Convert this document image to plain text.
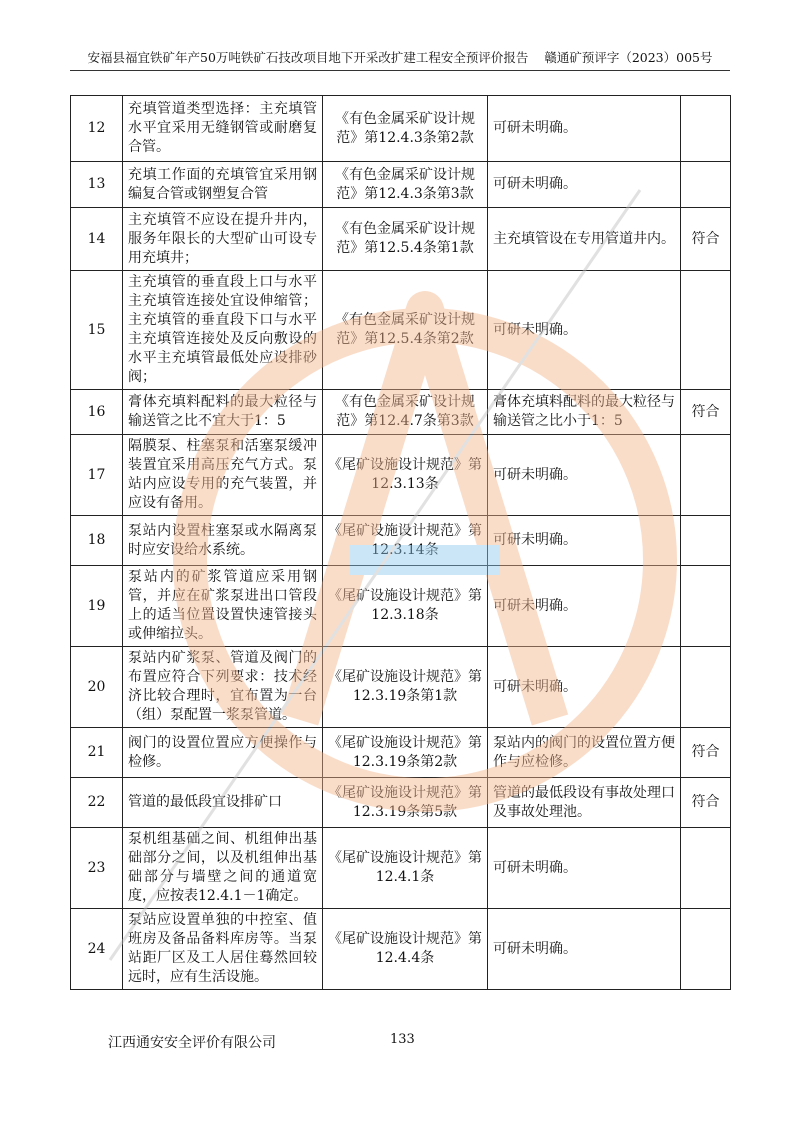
安福县福宜铁矿年产50万吨铁矿石技改项目地下开采改扩建工程安全预评价报告 赣通矿预评字（2023）005号
12	充填管道类型选择：主充填管水平宜采用无缝钢管或耐磨复合管。	《有色金属采矿设计规范》第12.4.3条第2款	可研未明确。	
13	充填工作面的充填管宜采用钢编复合管或钢塑复合管	《有色金属采矿设计规范》第12.4.3条第3款	可研未明确。	
14	主充填管不应设在提升井内，服务年限长的大型矿山可设专用充填井；	《有色金属采矿设计规范》第12.5.4条第1款	主充填管设在专用管道井内。	符合
15	主充填管的垂直段上口与水平主充填管连接处宜设伸缩管；主充填管的垂直段下口与水平主充填管连接处及反向敷设的水平主充填管最低处应设排砂阀；	《有色金属采矿设计规范》第12.5.4条第2款	可研未明确。	
16	膏体充填料配料的最大粒径与输送管之比不宜大于1：5	《有色金属采矿设计规范》第12.4.7条第3款	膏体充填料配料的最大粒径与输送管之比小于1：5	符合
17	隔膜泵、柱塞泵和活塞泵缓冲装置宜采用高压充气方式。泵站内应设专用的充气装置，并应设有备用。	《尾矿设施设计规范》第12.3.13条	可研未明确。	
18	泵站内设置柱塞泵或水隔离泵时应安设给水系统。	《尾矿设施设计规范》第12.3.14条	可研未明确。	
19	泵站内的矿浆管道应采用钢管，并应在矿浆泵进出口管段上的适当位置设置快速管接头或伸缩拉头。	《尾矿设施设计规范》第12.3.18条	可研未明确。	
20	泵站内矿浆泵、管道及阀门的布置应符合下列要求：技术经济比较合理时，宜布置为一台（组）泵配置一浆泵管道。	《尾矿设施设计规范》第12.3.19条第1款	可研未明确。	
21	阀门的设置位置应方便操作与检修。	《尾矿设施设计规范》第12.3.19条第2款	泵站内的阀门的设置位置方便作与应检修。	符合
22	管道的最低段宜设排矿口	《尾矿设施设计规范》第12.3.19条第5款	管道的最低段设有事故处理口及事故处理池。	符合
23	泵机组基础之间、机组伸出基础部分之间，以及机组伸出基础部分与墙壁之间的通道宽度，应按表12.4.1－1确定。	《尾矿设施设计规范》第12.4.1条	可研未明确。	
24	泵站应设置单独的中控室、值班房及备品备料库房等。当泵站距厂区及工人居住蓦然回较远时，应有生活设施。	《尾矿设施设计规范》第12.4.4条	可研未明确。	
江西通安安全评价有限公司	133
